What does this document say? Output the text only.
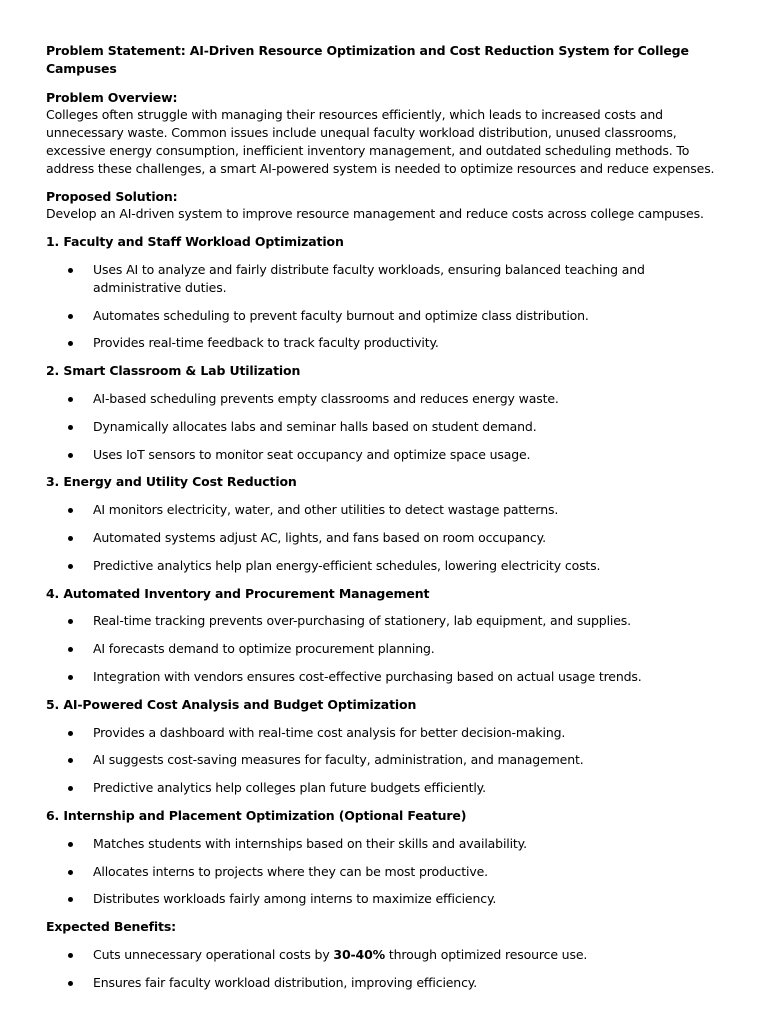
Problem Statement: AI-Driven Resource Optimization and Cost Reduction System for College Campuses

Problem Overview:

Colleges often struggle with managing their resources efficiently, which leads to increased costs and unnecessary waste. Common issues include unequal faculty workload distribution, unused classrooms, excessive energy consumption, inefficient inventory management, and outdated scheduling methods. To address these challenges, a smart AI-powered system is needed to optimize resources and reduce expenses.

Proposed Solution:

Develop an AI-driven system to improve resource management and reduce costs across college campuses.

1. Faculty and Staff Workload Optimization

Uses AI to analyze and fairly distribute faculty workloads, ensuring balanced teaching and administrative duties.
Automates scheduling to prevent faculty burnout and optimize class distribution.
Provides real-time feedback to track faculty productivity.

2. Smart Classroom & Lab Utilization

AI-based scheduling prevents empty classrooms and reduces energy waste.
Dynamically allocates labs and seminar halls based on student demand.
Uses IoT sensors to monitor seat occupancy and optimize space usage.

3. Energy and Utility Cost Reduction

AI monitors electricity, water, and other utilities to detect wastage patterns.
Automated systems adjust AC, lights, and fans based on room occupancy.
Predictive analytics help plan energy-efficient schedules, lowering electricity costs.

4. Automated Inventory and Procurement Management

Real-time tracking prevents over-purchasing of stationery, lab equipment, and supplies.
AI forecasts demand to optimize procurement planning.
Integration with vendors ensures cost-effective purchasing based on actual usage trends.

5. AI-Powered Cost Analysis and Budget Optimization

Provides a dashboard with real-time cost analysis for better decision-making.
AI suggests cost-saving measures for faculty, administration, and management.
Predictive analytics help colleges plan future budgets efficiently.

6. Internship and Placement Optimization (Optional Feature)

Matches students with internships based on their skills and availability.
Allocates interns to projects where they can be most productive.
Distributes workloads fairly among interns to maximize efficiency.

Expected Benefits:

Cuts unnecessary operational costs by 30-40% through optimized resource use.
Ensures fair faculty workload distribution, improving efficiency.
